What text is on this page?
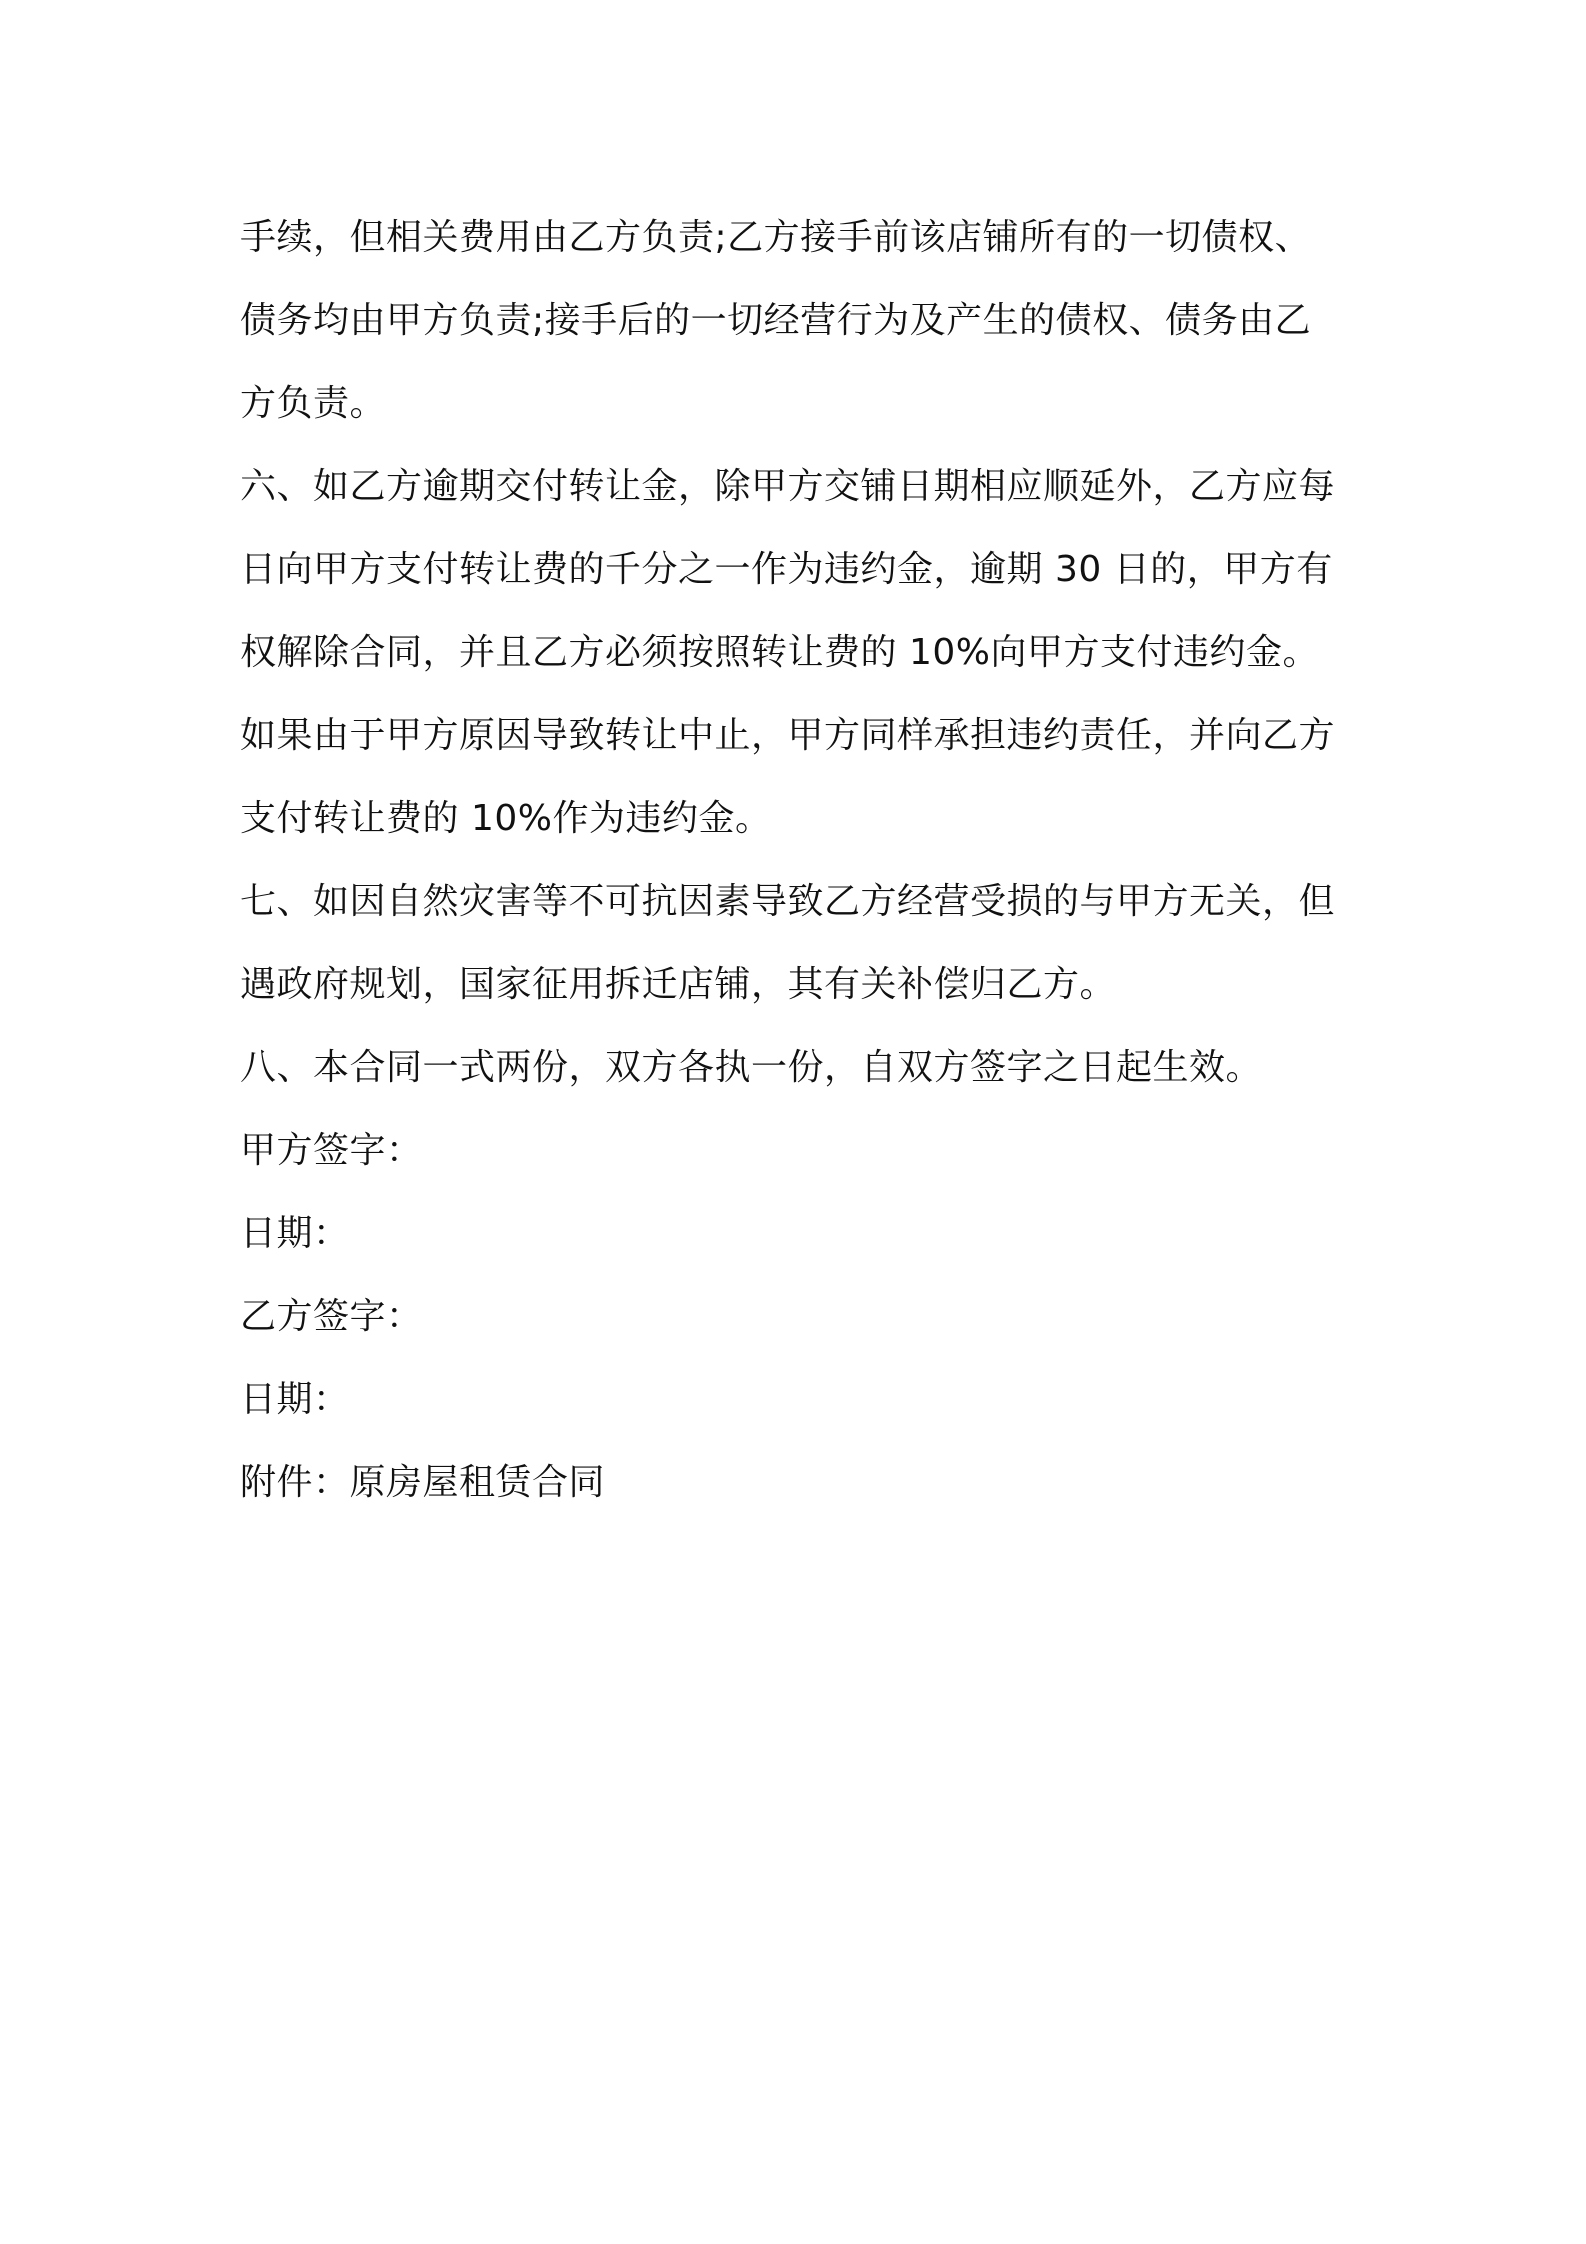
手续，但相关费用由乙方负责;乙方接手前该店铺所有的一切债权、
债务均由甲方负责;接手后的一切经营行为及产生的债权、债务由乙
方负责。
六、如乙方逾期交付转让金，除甲方交铺日期相应顺延外，乙方应每
日向甲方支付转让费的千分之一作为违约金，逾期 30 日的，甲方有
权解除合同，并且乙方必须按照转让费的 10%向甲方支付违约金。
如果由于甲方原因导致转让中止，甲方同样承担违约责任，并向乙方
支付转让费的 10%作为违约金。
七、如因自然灾害等不可抗因素导致乙方经营受损的与甲方无关，但
遇政府规划，国家征用拆迁店铺，其有关补偿归乙方。
八、本合同一式两份，双方各执一份，自双方签字之日起生效。
甲方签字：
日期：
乙方签字：
日期：
附件：原房屋租赁合同
